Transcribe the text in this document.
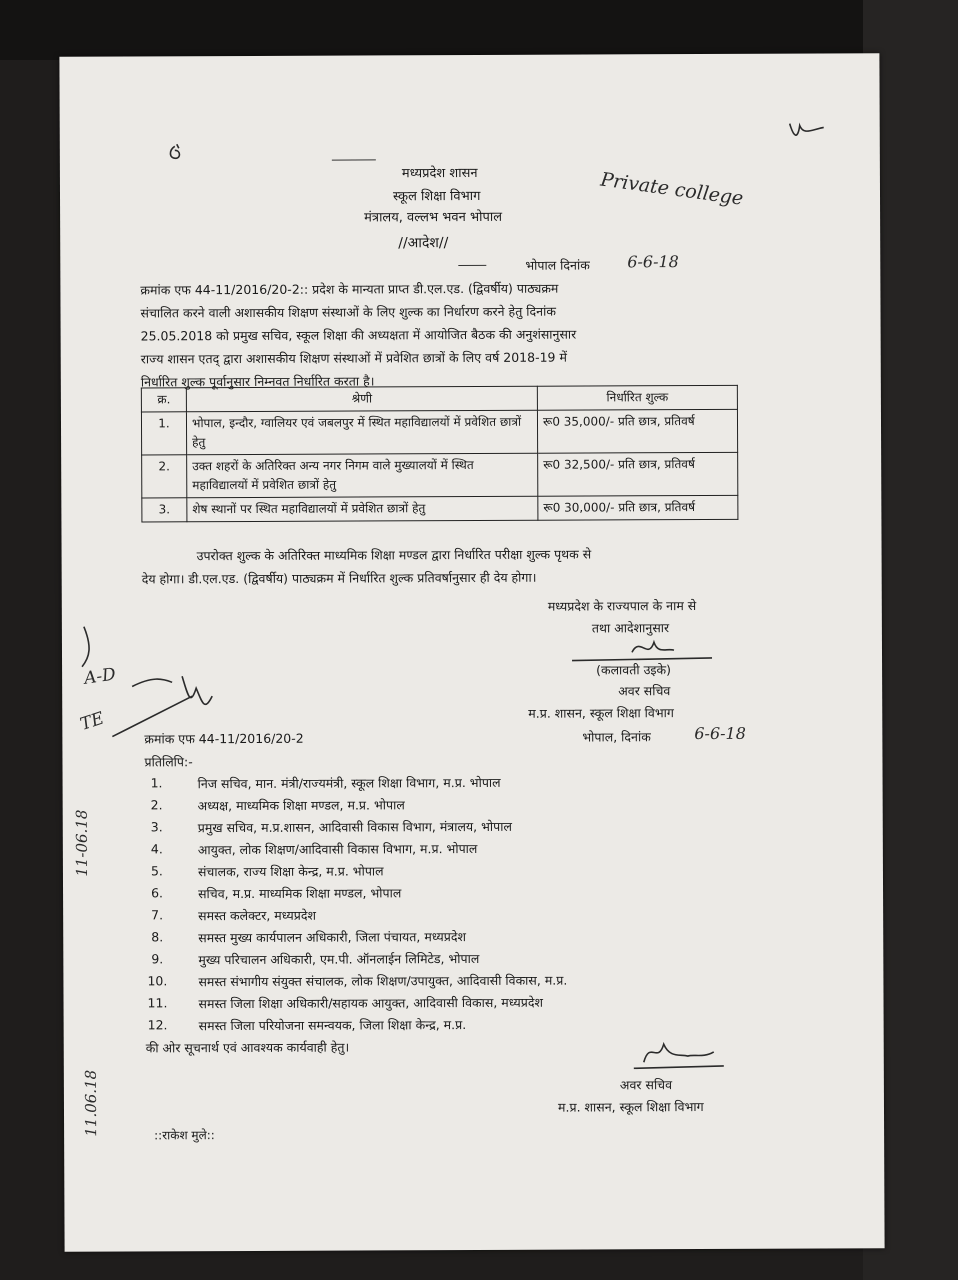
मध्यप्रदेश शासन
स्कूल शिक्षा विभाग
मंत्रालय, वल्लभ भवन भोपाल
//आदेश//
भोपाल दिनांक 6-6-18
Private college
क्रमांक एफ 44-11/2016/20-2:: प्रदेश के मान्यता प्राप्त डी.एल.एड. (द्विवर्षीय) पाठ्यक्रम
संचालित करने वाली अशासकीय शिक्षण संस्थाओं के लिए शुल्क का निर्धारण करने हेतु दिनांक
25.05.2018 को प्रमुख सचिव, स्कूल शिक्षा की अध्यक्षता में आयोजित बैठक की अनुशंसानुसार
राज्य शासन एतद् द्वारा अशासकीय शिक्षण संस्थाओं में प्रवेशित छात्रों के लिए वर्ष 2018-19 में
निर्धारित शुल्क पूर्वानुसार निम्नवत निर्धारित करता है।
क्र.	श्रेणी	निर्धारित शुल्क
1.	भोपाल, इन्दौर, ग्वालियर एवं जबलपुर में स्थित महाविद्यालयों में प्रवेशित छात्रों हेतु	रू0 35,000/- प्रति छात्र, प्रतिवर्ष
2.	उक्त शहरों के अतिरिक्त अन्य नगर निगम वाले मुख्यालयों में स्थित महाविद्यालयों में प्रवेशित छात्रों हेतु	रू0 32,500/- प्रति छात्र, प्रतिवर्ष
3.	शेष स्थानों पर स्थित महाविद्यालयों में प्रवेशित छात्रों हेतु	रू0 30,000/- प्रति छात्र, प्रतिवर्ष
उपरोक्त शुल्क के अतिरिक्त माध्यमिक शिक्षा मण्डल द्वारा निर्धारित परीक्षा शुल्क पृथक से
देय होगा। डी.एल.एड. (द्विवर्षीय) पाठ्यक्रम में निर्धारित शुल्क प्रतिवर्षानुसार ही देय होगा।
मध्यप्रदेश के राज्यपाल के नाम से
तथा आदेशानुसार
(कलावती उइके)
अवर सचिव
म.प्र. शासन, स्कूल शिक्षा विभाग
A-D
TE
11-06.18
11.06.18
क्रमांक एफ 44-11/2016/20-2	भोपाल, दिनांक	6-6-18
प्रतिलिपि:-
1.	निज सचिव, मान. मंत्री/राज्यमंत्री, स्कूल शिक्षा विभाग, म.प्र. भोपाल
2.	अध्यक्ष, माध्यमिक शिक्षा मण्डल, म.प्र. भोपाल
3.	प्रमुख सचिव, म.प्र.शासन, आदिवासी विकास विभाग, मंत्रालय, भोपाल
4.	आयुक्त, लोक शिक्षण/आदिवासी विकास विभाग, म.प्र. भोपाल
5.	संचालक, राज्य शिक्षा केन्द्र, म.प्र. भोपाल
6.	सचिव, म.प्र. माध्यमिक शिक्षा मण्डल, भोपाल
7.	समस्त कलेक्टर, मध्यप्रदेश
8.	समस्त मुख्य कार्यपालन अधिकारी, जिला पंचायत, मध्यप्रदेश
9.	मुख्य परिचालन अधिकारी, एम.पी. ऑनलाईन लिमिटेड, भोपाल
10. समस्त संभागीय संयुक्त संचालक, लोक शिक्षण/उपायुक्त, आदिवासी विकास, म.प्र.
11. समस्त जिला शिक्षा अधिकारी/सहायक आयुक्त, आदिवासी विकास, मध्यप्रदेश
12. समस्त जिला परियोजना समन्वयक, जिला शिक्षा केन्द्र, म.प्र.
की ओर सूचनार्थ एवं आवश्यक कार्यवाही हेतु।
अवर सचिव
म.प्र. शासन, स्कूल शिक्षा विभाग
::राकेश मुले::
